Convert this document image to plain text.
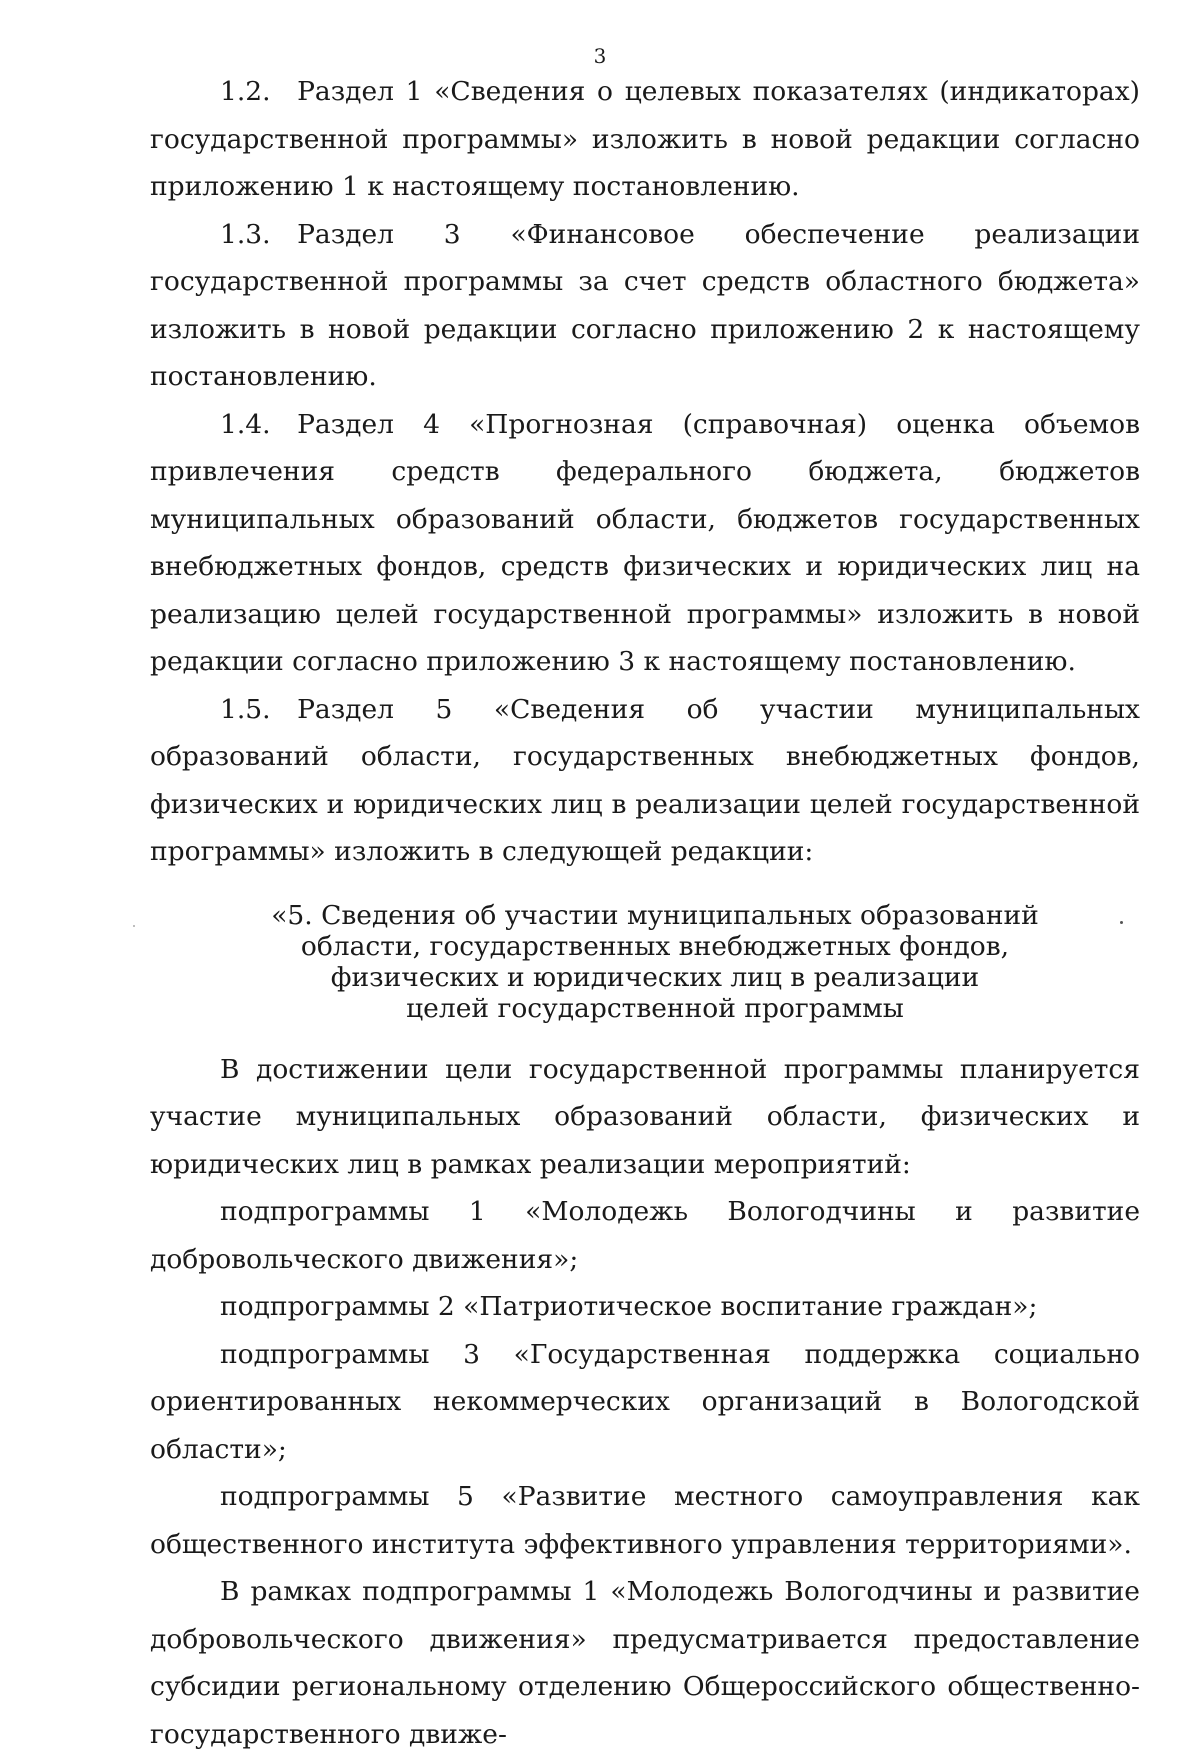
3

1.2. Раздел 1 «Сведения о целевых показателях (индикаторах) государственной программы» изложить в новой редакции согласно приложению 1 к настоящему постановлению.

1.3. Раздел 3 «Финансовое обеспечение реализации государственной программы за счет средств областного бюджета» изложить в новой редакции согласно приложению 2 к настоящему постановлению.

1.4. Раздел 4 «Прогнозная (справочная) оценка объемов привлечения средств федерального бюджета, бюджетов муниципальных образований области, бюджетов государственных внебюджетных фондов, средств физических и юридических лиц на реализацию целей государственной программы» изложить в новой редакции согласно приложению 3 к настоящему постановлению.

1.5. Раздел 5 «Сведения об участии муниципальных образований области, государственных внебюджетных фондов, физических и юридических лиц в реализации целей государственной программы» изложить в следующей редакции:

«5. Сведения об участии муниципальных образований
области, государственных внебюджетных фондов,
физических и юридических лиц в реализации
целей государственной программы

В достижении цели государственной программы планируется участие муниципальных образований области, физических и юридических лиц в рамках реализации мероприятий:

подпрограммы 1 «Молодежь Вологодчины и развитие добровольческого движения»;

подпрограммы 2 «Патриотическое воспитание граждан»;

подпрограммы 3 «Государственная поддержка социально ориентированных некоммерческих организаций в Вологодской области»;

подпрограммы 5 «Развитие местного самоуправления как общественного института эффективного управления территориями».

В рамках подпрограммы 1 «Молодежь Вологодчины и развитие добровольческого движения» предусматривается предоставление субсидии региональному отделению Общероссийского общественно-государственного движе-
